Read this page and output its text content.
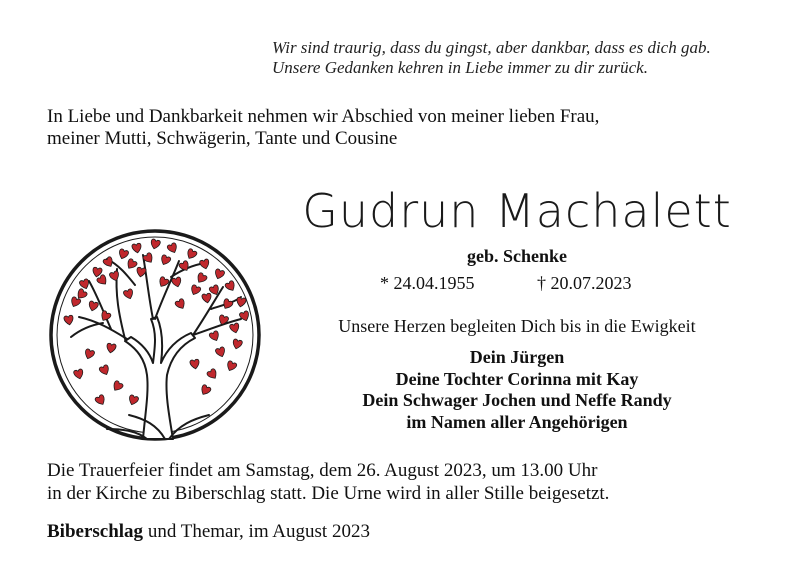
Wir sind traurig, dass du gingst, aber dankbar, dass es dich gab.
Unsere Gedanken kehren in Liebe immer zu dir zurück.
In Liebe und Dankbarkeit nehmen wir Abschied von meiner lieben Frau,
meiner Mutti, Schwägerin, Tante und Cousine
Gudrun Machalett
geb. Schenke
* 24.04.1955	† 20.07.2023
Unsere Herzen begleiten Dich bis in die Ewigkeit
Dein Jürgen
Deine Tochter Corinna mit Kay
Dein Schwager Jochen und Neffe Randy
im Namen aller Angehörigen
Die Trauerfeier findet am Samstag, dem 26. August 2023, um 13.00 Uhr
in der Kirche zu Biberschlag statt. Die Urne wird in aller Stille beigesetzt.
Biberschlag und Themar, im August 2023
